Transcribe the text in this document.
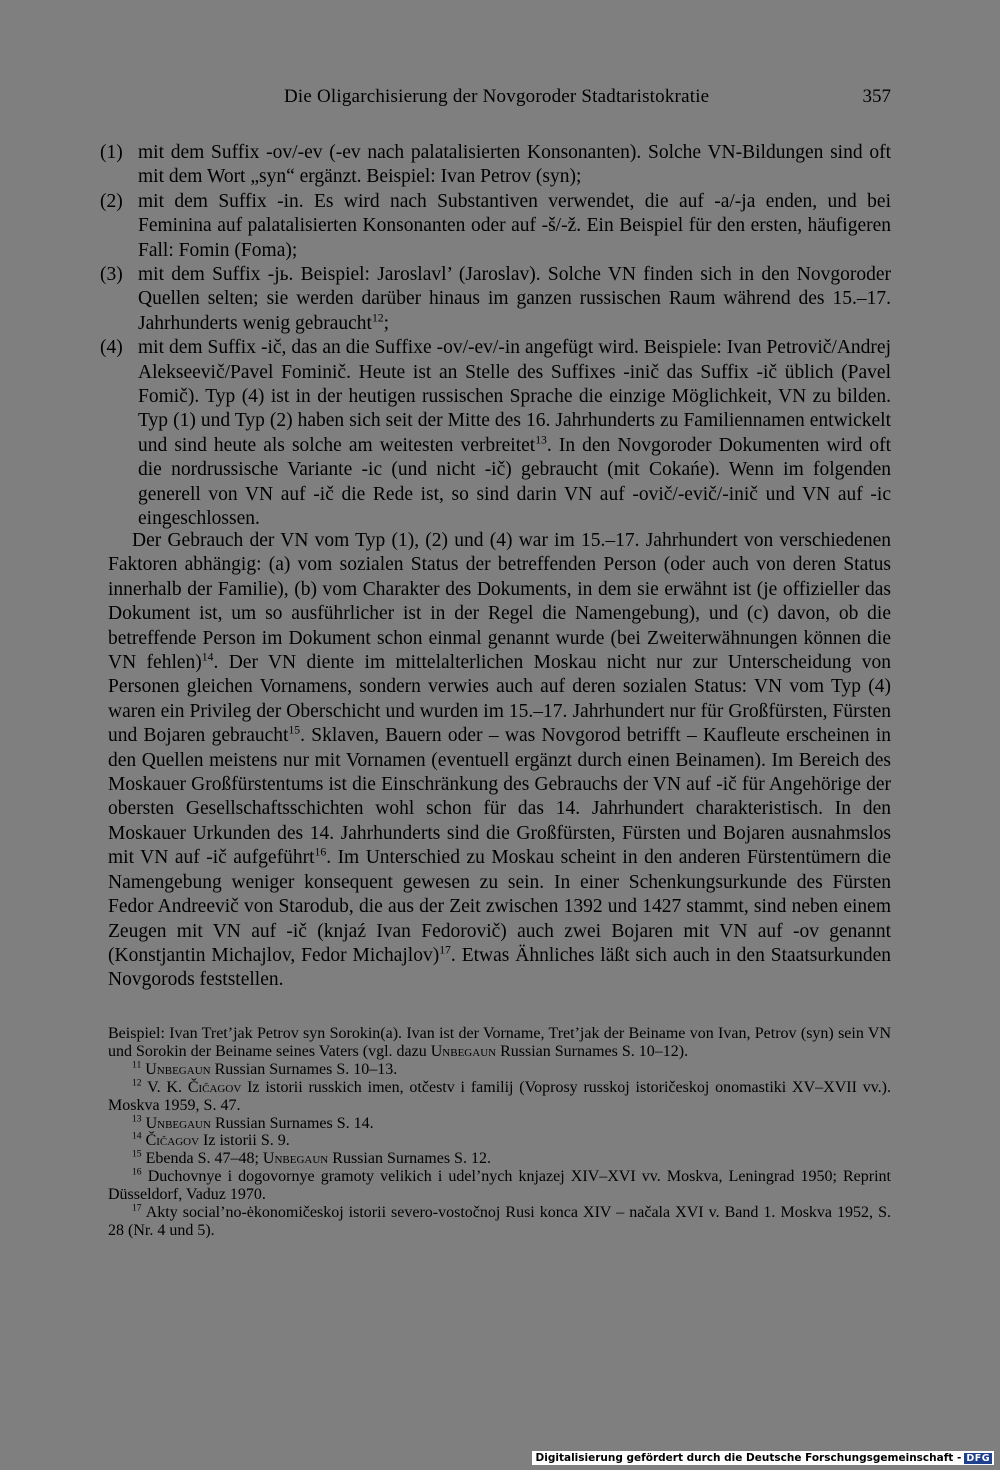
Die Oligarchisierung der Novgoroder Stadtaristokratie	357
(1) mit dem Suffix -ov/-ev (-ev nach palatalisierten Konsonanten). Solche VN-Bildungen sind oft mit dem Wort „syn“ ergänzt. Beispiel: Ivan Petrov (syn);
(2) mit dem Suffix -in. Es wird nach Substantiven verwendet, die auf -a/-ja enden, und bei Feminina auf palatalisierten Konsonanten oder auf -š/-ž. Ein Beispiel für den ersten, häufigeren Fall: Fomin (Foma);
(3) mit dem Suffix -jь. Beispiel: Jaroslavl’ (Jaroslav). Solche VN finden sich in den Novgoroder Quellen selten; sie werden darüber hinaus im ganzen russischen Raum während des 15.–17. Jahrhunderts wenig gebraucht$^{12}$;
(4) mit dem Suffix -ič, das an die Suffixe -ov/-ev/-in angefügt wird. Beispiele: Ivan Petrovič/Andrej Alekseevič/Pavel Fominič. Heute ist an Stelle des Suffixes -inič das Suffix -ič üblich (Pavel Fomič). Typ (4) ist in der heutigen russischen Sprache die einzige Möglichkeit, VN zu bilden. Typ (1) und Typ (2) haben sich seit der Mitte des 16. Jahrhunderts zu Familiennamen entwickelt und sind heute als solche am weitesten verbreitet$^{13}$. In den Novgoroder Dokumenten wird oft die nordrussische Variante -ic (und nicht -ič) gebraucht (mit Cokańe). Wenn im folgenden generell von VN auf -ič die Rede ist, so sind darin VN auf -ovič/-evič/-inič und VN auf -ic eingeschlossen.
Der Gebrauch der VN vom Typ (1), (2) und (4) war im 15.–17. Jahrhundert von verschiedenen Faktoren abhängig: (a) vom sozialen Status der betreffenden Person (oder auch von deren Status innerhalb der Familie), (b) vom Charakter des Dokuments, in dem sie erwähnt ist (je offizieller das Dokument ist, um so ausführlicher ist in der Regel die Namengebung), und (c) davon, ob die betreffende Person im Dokument schon einmal genannt wurde (bei Zweiterwähnungen können die VN fehlen)$^{14}$. Der VN diente im mittelalterlichen Moskau nicht nur zur Unterscheidung von Personen gleichen Vornamens, sondern verwies auch auf deren sozialen Status: VN vom Typ (4) waren ein Privileg der Oberschicht und wurden im 15.–17. Jahrhundert nur für Großfürsten, Fürsten und Bojaren gebraucht$^{15}$. Sklaven, Bauern oder – was Novgorod betrifft – Kaufleute erscheinen in den Quellen meistens nur mit Vornamen (eventuell ergänzt durch einen Beinamen). Im Bereich des Moskauer Großfürstentums ist die Einschränkung des Gebrauchs der VN auf -ič für Angehörige der obersten Gesellschaftsschichten wohl schon für das 14. Jahrhundert charakteristisch. In den Moskauer Urkunden des 14. Jahrhunderts sind die Großfürsten, Fürsten und Bojaren ausnahmslos mit VN auf -ič aufgeführt$^{16}$. Im Unterschied zu Moskau scheint in den anderen Fürstentümern die Namengebung weniger konsequent gewesen zu sein. In einer Schenkungsurkunde des Fürsten Fedor Andreevič von Starodub, die aus der Zeit zwischen 1392 und 1427 stammt, sind neben einem Zeugen mit VN auf -ič (knjaź Ivan Fedorovič) auch zwei Bojaren mit VN auf -ov genannt (Konstjantin Michajlov, Fedor Michajlov)$^{17}$. Etwas Ähnliches läßt sich auch in den Staatsurkunden Novgorods feststellen.
Beispiel: Ivan Tret’jak Petrov syn Sorokin(a). Ivan ist der Vorname, Tret’jak der Beiname von Ivan, Petrov (syn) sein VN und Sorokin der Beiname seines Vaters (vgl. dazu Unbegaun Russian Surnames S. 10–12).
$^{11}$ Unbegaun Russian Surnames S. 10–13.
$^{12}$ V. K. Čičagov Iz istorii russkich imen, otčestv i familij (Voprosy russkoj istoričeskoj onomastiki XV–XVII vv.). Moskva 1959, S. 47.
$^{13}$ Unbegaun Russian Surnames S. 14.
$^{14}$ Čičagov Iz istorii S. 9.
$^{15}$ Ebenda S. 47–48; Unbegaun Russian Surnames S. 12.
$^{16}$ Duchovnye i dogovornye gramoty velikich i udel’nych knjazej XIV–XVI vv. Moskva, Leningrad 1950; Reprint Düsseldorf, Vaduz 1970.
$^{17}$ Akty social’no-ėkonomičeskoj istorii severo-vostočnoj Rusi konca XIV – načala XVI v. Band 1. Moskva 1952, S. 28 (Nr. 4 und 5).
Digitalisierung gefördert durch die Deutsche Forschungsgemeinschaft - DFG
